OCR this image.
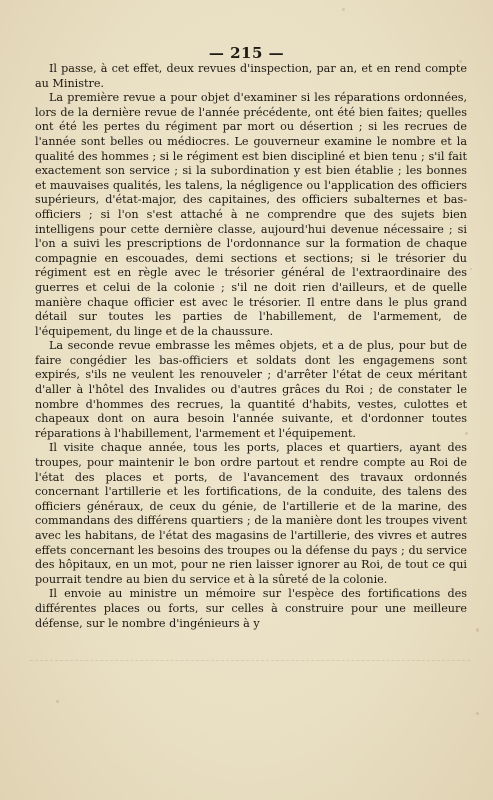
— 215 —

Il passe, à cet effet, deux revues d'inspection, par an, et en rend compte au Ministre.

La première revue a pour objet d'examiner si les réparations ordonnées, lors de la dernière revue de l'année précédente, ont été bien faites; quelles ont été les pertes du régiment par mort ou désertion ; si les recrues de l'année sont belles ou médiocres. Le gouverneur examine le nombre et la qualité des hommes ; si le régiment est bien discipliné et bien tenu ; s'il fait exactement son service ; si la subordination y est bien établie ; les bonnes et mauvaises qualités, les talens, la négligence ou l'application des officiers supérieurs, d'état-major, des capitaines, des officiers subalternes et bas-officiers ; si l'on s'est attaché à ne comprendre que des sujets bien intelligens pour cette dernière classe, aujourd'hui devenue nécessaire ; si l'on a suivi les prescriptions de l'ordonnance sur la formation de chaque compagnie en escouades, demi sections et sections; si le trésorier du régiment est en règle avec le trésorier général de l'extraordinaire des guerres et celui de la colonie ; s'il ne doit rien d'ailleurs, et de quelle manière chaque officier est avec le trésorier. Il entre dans le plus grand détail sur toutes les parties de l'habillement, de l'armement, de l'équipement, du linge et de la chaussure.

La seconde revue embrasse les mêmes objets, et a de plus, pour but de faire congédier les bas-officiers et soldats dont les engagemens sont expirés, s'ils ne veulent les renouveler ; d'arrêter l'état de ceux méritant d'aller à l'hôtel des Invalides ou d'autres grâces du Roi ; de constater le nombre d'hommes des recrues, la quantité d'habits, vestes, culottes et chapeaux dont on aura besoin l'année suivante, et d'ordonner toutes réparations à l'habillement, l'armement et l'équipement.

Il visite chaque année, tous les ports, places et quartiers, ayant des troupes, pour maintenir le bon ordre partout et rendre compte au Roi de l'état des places et ports, de l'avancement des travaux ordonnés concernant l'artillerie et les fortifications, de la conduite, des talens des officiers généraux, de ceux du génie, de l'artillerie et de la marine, des commandans des différens quartiers ; de la manière dont les troupes vivent avec les habitans, de l'état des magasins de l'artillerie, des vivres et autres effets concernant les besoins des troupes ou la défense du pays ; du service des hôpitaux, en un mot, pour ne rien laisser ignorer au Roi, de tout ce qui pourrait tendre au bien du service et à la sûreté de la colonie.

Il envoie au ministre un mémoire sur l'espèce des fortifications des différentes places ou forts, sur celles à construire pour une meilleure défense, sur le nombre d'ingénieurs à y
